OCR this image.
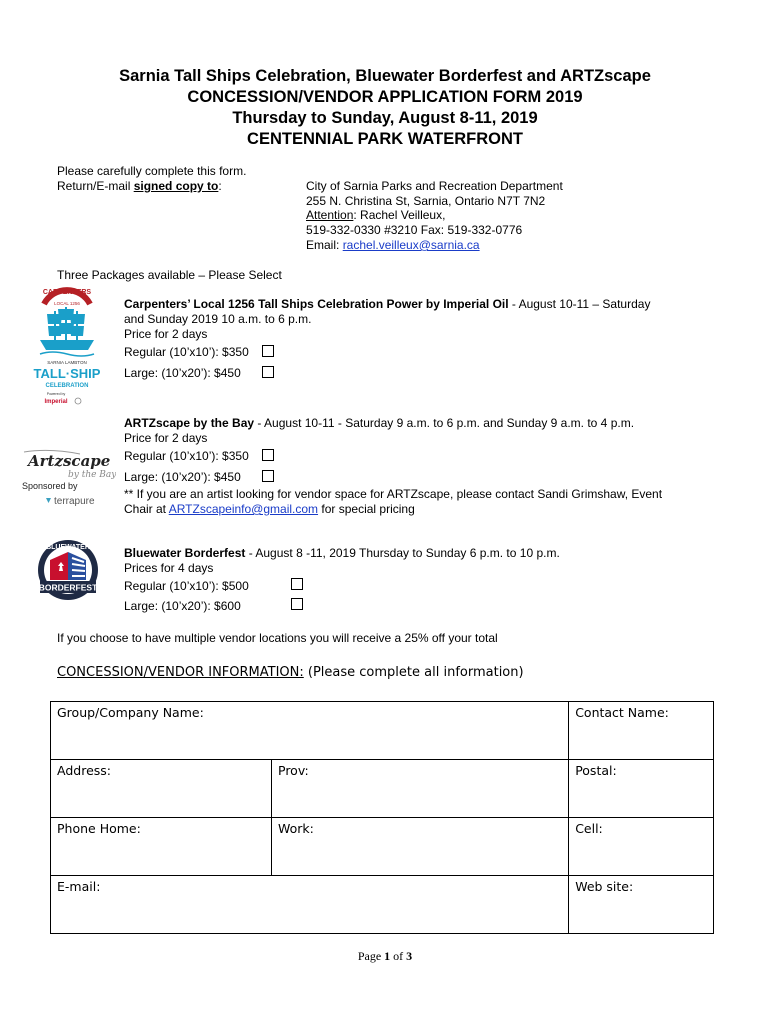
Sarnia Tall Ships Celebration, Bluewater Borderfest and ARTZscape
CONCESSION/VENDOR APPLICATION FORM 2019
Thursday to Sunday, August 8-11, 2019
CENTENNIAL PARK WATERFRONT
Please carefully complete this form.
Return/E-mail signed copy to:	City of Sarnia Parks and Recreation Department
255 N. Christina St, Sarnia, Ontario N7T 7N2
Attention: Rachel Veilleux,
519-332-0330 #3210 Fax: 519-332-0776
Email: rachel.veilleux@sarnia.ca
Three Packages available – Please Select
CARPENTERS
LOCAL 1256
SARNIA LAMBTON
TALL·SHIP
CELEBRATION
Powered by
Imperial
Carpenters’ Local 1256 Tall Ships Celebration Power by Imperial Oil - August 10-11 – Saturday
and Sunday 2019 10 a.m. to 6 p.m.
Price for 2 days
Regular (10’x10’): $350
Large: (10’x20’): $450
Artzscape
by the Bay
Sponsored by
terrapure
ARTZscape by the Bay - August 10-11 - Saturday 9 a.m. to 6 p.m. and Sunday 9 a.m. to 4 p.m.
Price for 2 days
Regular (10’x10’): $350
Large: (10’x20’): $450
** If you are an artist looking for vendor space for ARTZscape, please contact Sandi Grimshaw, Event
Chair at ARTZscapeinfo@gmail.com for special pricing
BLUEWATER
BORDERFEST
Bluewater Borderfest - August 8 -11, 2019 Thursday to Sunday 6 p.m. to 10 p.m.
Prices for 4 days
Regular (10’x10’): $500
Large: (10’x20’): $600
If you choose to have multiple vendor locations you will receive a 25% off your total
CONCESSION/VENDOR INFORMATION: (Please complete all information)
Group/Company Name:		Contact Name:
Address:	Prov:	Postal:
Phone Home:	Work:	Cell:
E-mail:		Web site:
Page 1 of 3
